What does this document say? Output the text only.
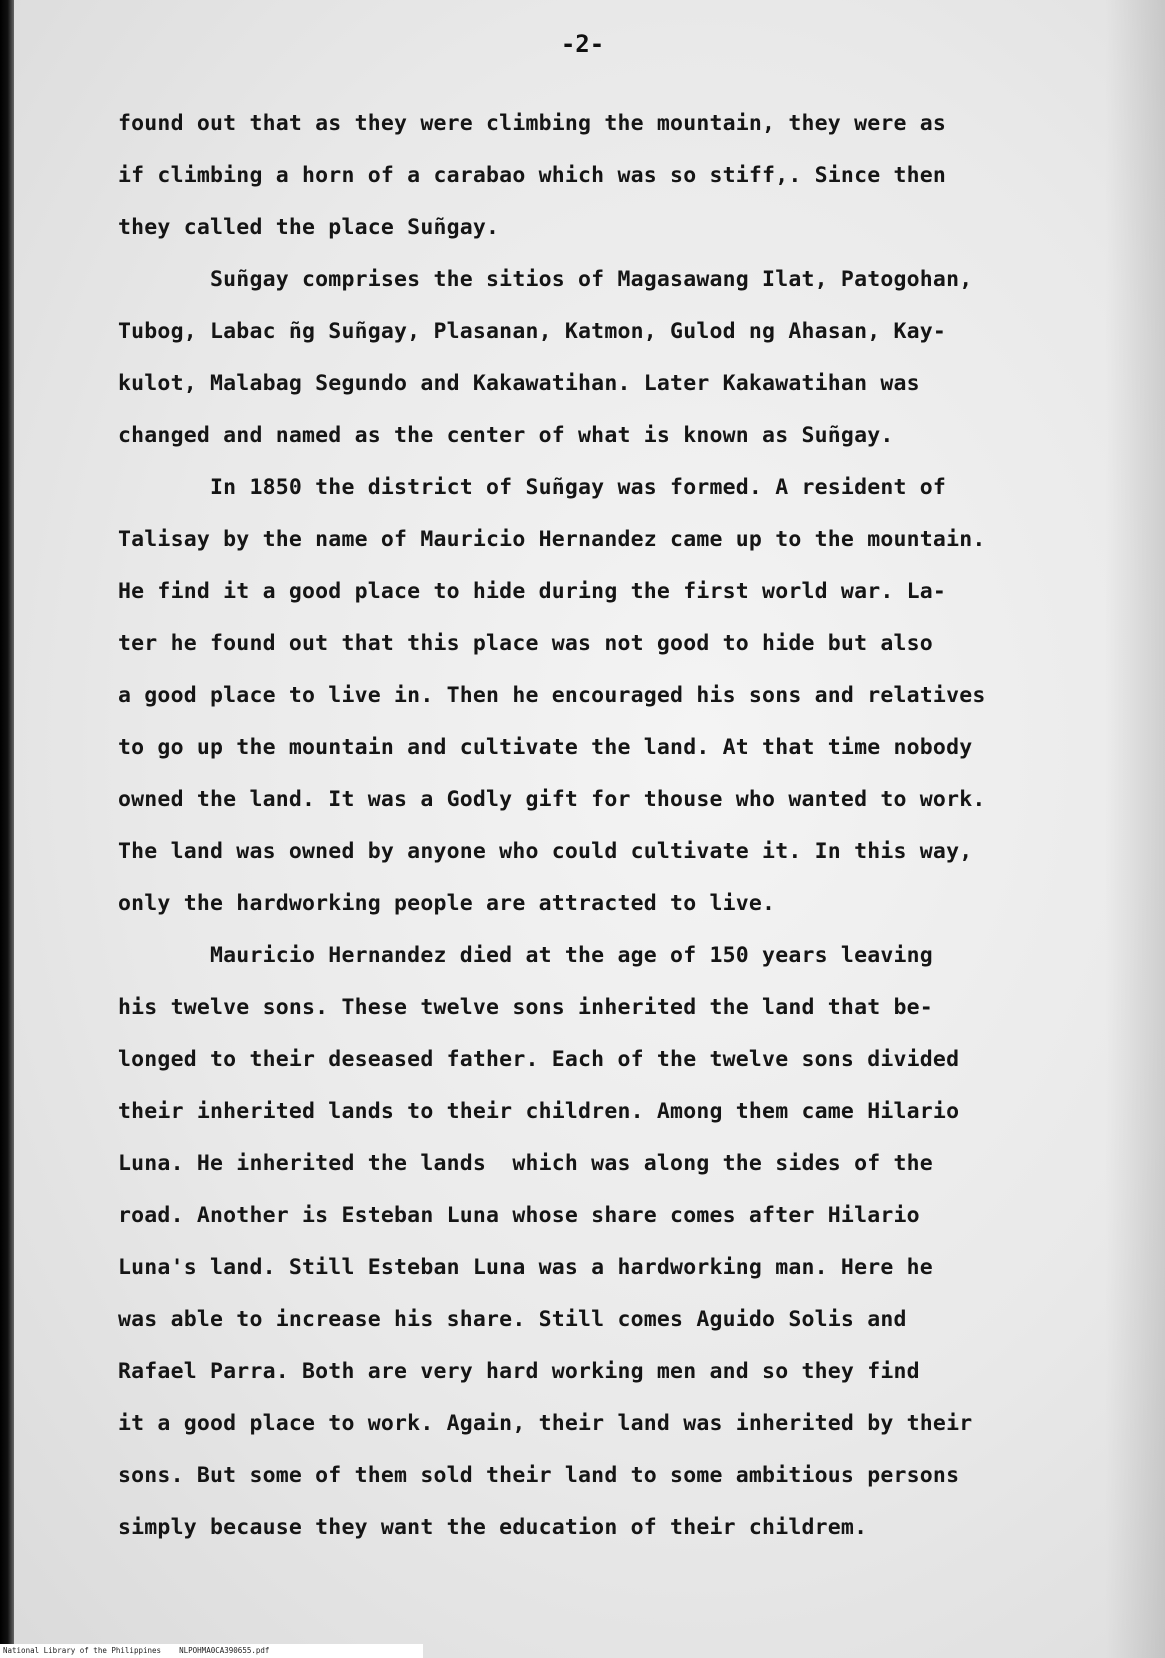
-2-
found out that as they were climbing the mountain, they were as
if climbing a horn of a carabao which was so stiff,. Since then
they called the place Suñgay.
Suñgay comprises the sitios of Magasawang Ilat, Patogohan,
Tubog, Labac ñg Suñgay, Plasanan, Katmon, Gulod ng Ahasan, Kay-
kulot, Malabag Segundo and Kakawatihan. Later Kakawatihan was
changed and named as the center of what is known as Suñgay.
In 1850 the district of Suñgay was formed. A resident of
Talisay by the name of Mauricio Hernandez came up to the mountain.
He find it a good place to hide during the first world war. La-
ter he found out that this place was not good to hide but also
a good place to live in. Then he encouraged his sons and relatives
to go up the mountain and cultivate the land. At that time nobody
owned the land. It was a Godly gift for thouse who wanted to work.
The land was owned by anyone who could cultivate it. In this way,
only the hardworking people are attracted to live.
Mauricio Hernandez died at the age of 150 years leaving
his twelve sons. These twelve sons inherited the land that be-
longed to their deseased father. Each of the twelve sons divided
their inherited lands to their children. Among them came Hilario
Luna. He inherited the lands  which was along the sides of the
road. Another is Esteban Luna whose share comes after Hilario
Luna's land. Still Esteban Luna was a hardworking man. Here he
was able to increase his share. Still comes Aguido Solis and
Rafael Parra. Both are very hard working men and so they find
it a good place to work. Again, their land was inherited by their
sons. But some of them sold their land to some ambitious persons
simply because they want the education of their childrem.
National Library of the Philippines NLPOHMA0CA390655.pdf
